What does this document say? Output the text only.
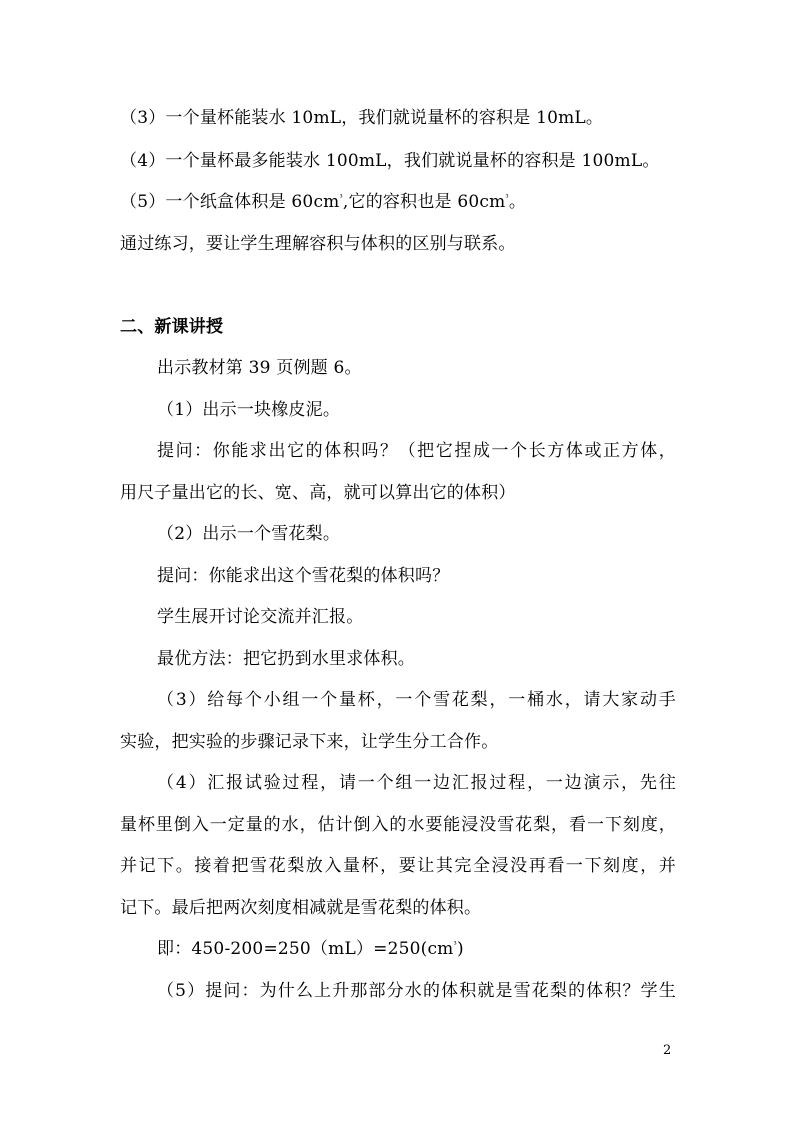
（3）一个量杯能装水 10mL，我们就说量杯的容积是 10mL。
（4）一个量杯最多能装水 100mL，我们就说量杯的容积是 100mL。
（5）一个纸盒体积是 $60cm^{^3}$,它的容积也是 $60cm^{^3}$。
通过练习，要让学生理解容积与体积的区别与联系。
二、新课讲授
出示教材第 39 页例题 6。
（1）出示一块橡皮泥。
提问：你能求出它的体积吗？（把它捏成一个长方体或正方体，
用尺子量出它的长、宽、高，就可以算出它的体积）
（2）出示一个雪花梨。
提问：你能求出这个雪花梨的体积吗？
学生展开讨论交流并汇报。
最优方法：把它扔到水里求体积。
（3）给每个小组一个量杯，一个雪花梨，一桶水，请大家动手
实验，把实验的步骤记录下来，让学生分工合作。
（4）汇报试验过程，请一个组一边汇报过程，一边演示，先往
量杯里倒入一定量的水，估计倒入的水要能浸没雪花梨，看一下刻度，
并记下。接着把雪花梨放入量杯，要让其完全浸没再看一下刻度，并
记下。最后把两次刻度相减就是雪花梨的体积。
即：$450-200=250(mL)=250(cm^{^3})$
（5）提问：为什么上升那部分水的体积就是雪花梨的体积？学生
2
